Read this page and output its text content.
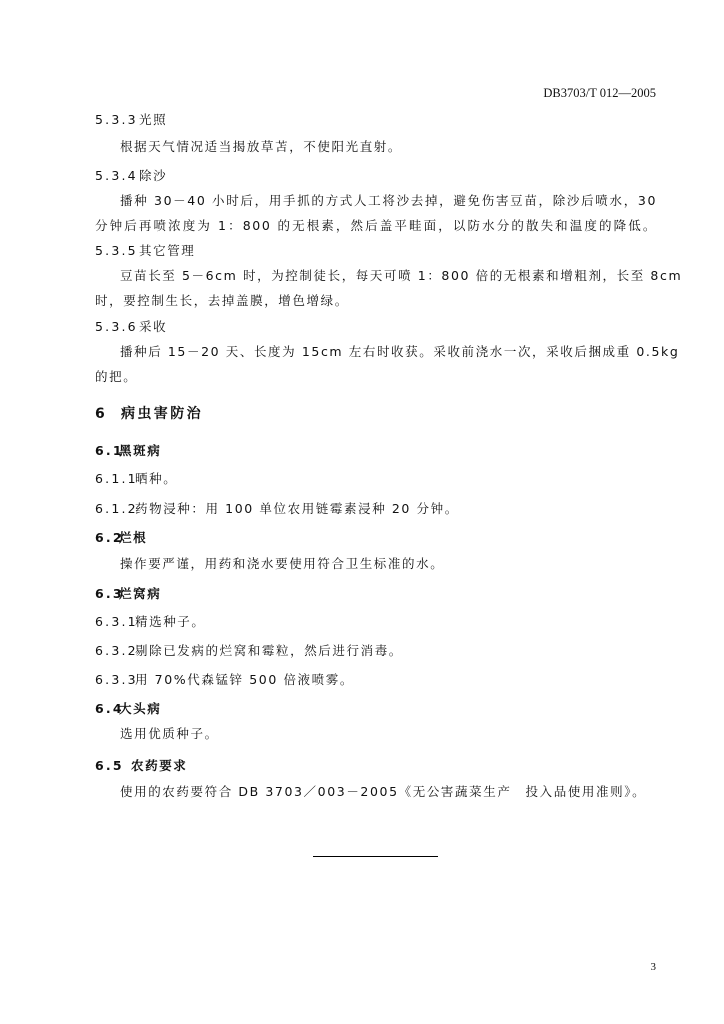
DB3703/T 012—2005
5.3.3光照
根据天气情况适当揭放草苫，不使阳光直射。
5.3.4除沙
播种 30－40 小时后，用手抓的方式人工将沙去掉，避免伤害豆苗，除沙后喷水，30
分钟后再喷浓度为 1：800 的无根素，然后盖平畦面，以防水分的散失和温度的降低。
5.3.5其它管理
豆苗长至 5－6cm 时，为控制徒长，每天可喷 1：800 倍的无根素和增粗剂，长至 8cm
时，要控制生长，去掉盖膜，增色增绿。
5.3.6采收
播种后 15－20 天、长度为 15cm 左右时收获。采收前浇水一次，采收后捆成重 0.5kg
的把。
6 病虫害防治
6.1黑斑病
6.1.1晒种。
6.1.2药物浸种：用 100 单位农用链霉素浸种 20 分钟。
6.2烂根
操作要严谨，用药和浇水要使用符合卫生标准的水。
6.3烂窝病
6.3.1精选种子。
6.3.2剔除已发病的烂窝和霉粒，然后进行消毒。
6.3.3用 70%代森锰锌 500 倍液喷雾。
6.4大头病
选用优质种子。
6.5 农药要求
使用的农药要符合 DB 3703／003－2005《无公害蔬菜生产　投入品使用准则》。
3
